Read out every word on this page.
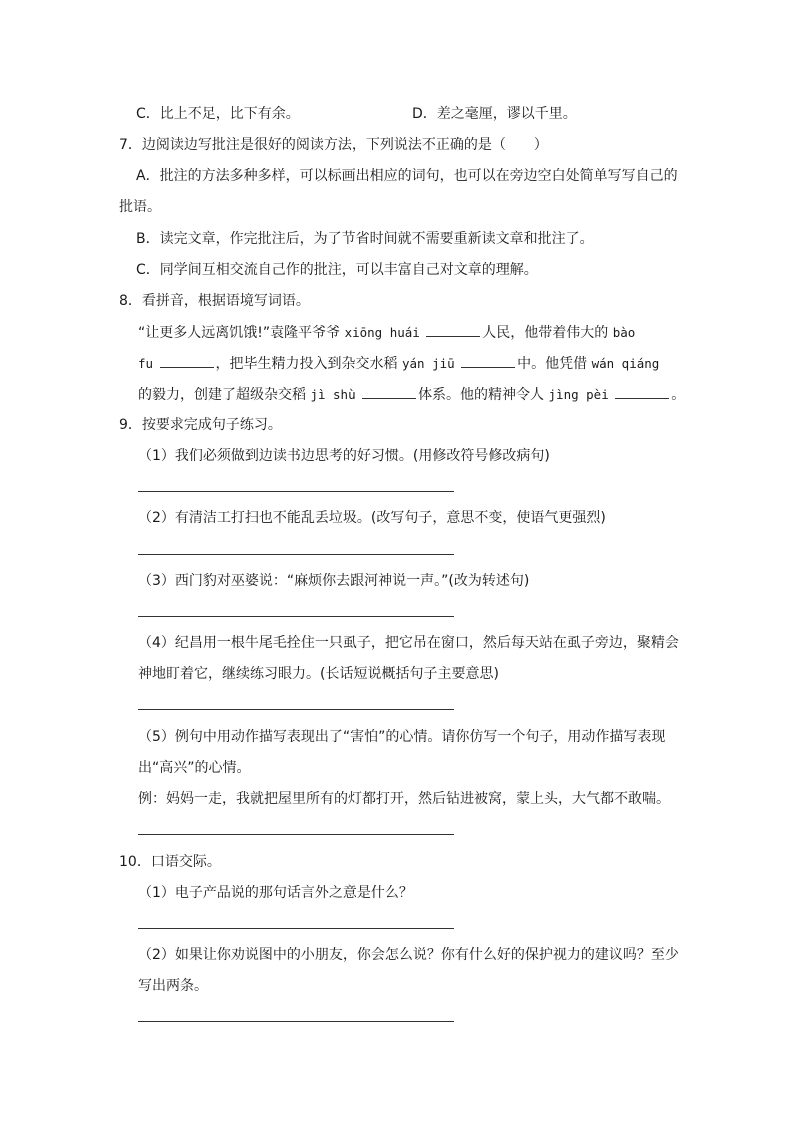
C．比上不足，比下有余。	D．差之毫厘，谬以千里。
7．边阅读边写批注是很好的阅读方法，下列说法不正确的是（　　）
A．批注的方法多种多样，可以标画出相应的词句，也可以在旁边空白处简单写写自己的
批语。
B．读完文章，作完批注后，为了节省时间就不需要重新读文章和批注了。
C．同学间互相交流自己作的批注，可以丰富自己对文章的理解。
8．看拼音，根据语境写词语。
“让更多人远离饥饿!”袁隆平爷爷 xiōng huái	人民，他带着伟大的 bào
fu	，把毕生精力投入到杂交水稻 yán jiū	中。他凭借 wán qiáng
的毅力，创建了超级杂交稻 jì shù	体系。他的精神令人 jìng pèi	。
9．按要求完成句子练习。
（1）我们必须做到边读书边思考的好习惯。(用修改符号修改病句)
（2）有清洁工打扫也不能乱丢垃圾。(改写句子，意思不变，使语气更强烈)
（3）西门豹对巫婆说：“麻烦你去跟河神说一声。”(改为转述句)
（4）纪昌用一根牛尾毛拴住一只虱子，把它吊在窗口，然后每天站在虱子旁边，聚精会
神地盯着它，继续练习眼力。(长话短说概括句子主要意思)
（5）例句中用动作描写表现出了“害怕”的心情。请你仿写一个句子，用动作描写表现
出“高兴”的心情。
例：妈妈一走，我就把屋里所有的灯都打开，然后钻进被窝，蒙上头，大气都不敢喘。
10．口语交际。
（1）电子产品说的那句话言外之意是什么？
（2）如果让你劝说图中的小朋友，你会怎么说？你有什么好的保护视力的建议吗？至少
写出两条。
